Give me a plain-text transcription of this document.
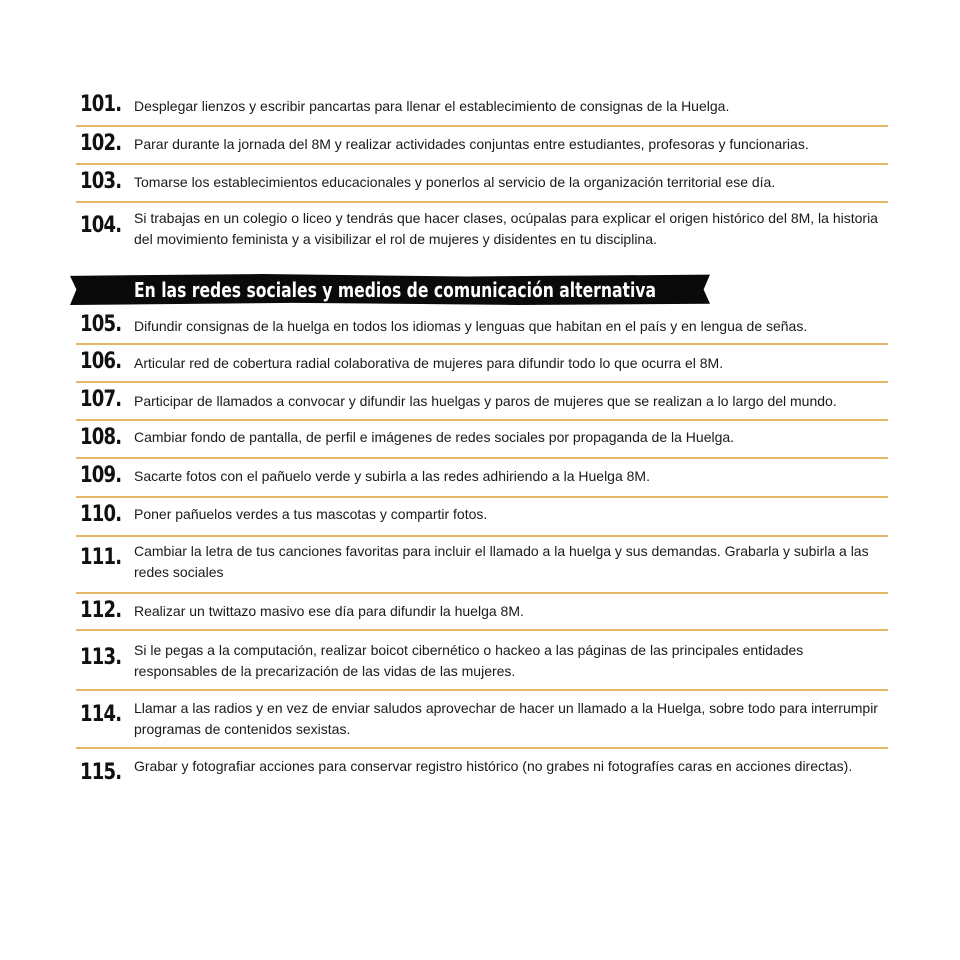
101. Desplegar lienzos y escribir pancartas para llenar el establecimiento de consignas de la Huelga.
102. Parar durante la jornada del 8M y realizar actividades conjuntas entre estudiantes, profesoras y funcionarias.
103. Tomarse los establecimientos educacionales y ponerlos al servicio de la organización territorial ese día.
104. Si trabajas en un colegio o liceo y tendrás que hacer clases, ocúpalas para explicar el origen histórico del 8M, la historia del movimiento feminista y a visibilizar el rol de mujeres y disidentes en tu disciplina.
En las redes sociales y medios de comunicación alternativa
105. Difundir consignas de la huelga en todos los idiomas y lenguas que habitan en el país y en lengua de señas.
106. Articular red de cobertura radial colaborativa de mujeres para difundir todo lo que ocurra el 8M.
107. Participar de llamados a convocar y difundir las huelgas y paros de mujeres que se realizan a lo largo del mundo.
108. Cambiar fondo de pantalla, de perfil e imágenes de redes sociales por propaganda de la Huelga.
109. Sacarte fotos con el pañuelo verde y subirla a las redes adhiriendo a la Huelga 8M.
110. Poner pañuelos verdes a tus mascotas y compartir fotos.
111. Cambiar la letra de tus canciones favoritas para incluir el llamado a la huelga y sus demandas. Grabarla y subirla a las redes sociales
112. Realizar un twittazo masivo ese día para difundir la huelga 8M.
113. Si le pegas a la computación, realizar boicot cibernético o hackeo a las páginas de las principales entidades responsables de la precarización de las vidas de las mujeres.
114. Llamar a las radios y en vez de enviar saludos aprovechar de hacer un llamado a la Huelga, sobre todo para interrumpir programas de contenidos sexistas.
115. Grabar y fotografiar acciones para conservar registro histórico (no grabes ni fotografíes caras en acciones directas).
